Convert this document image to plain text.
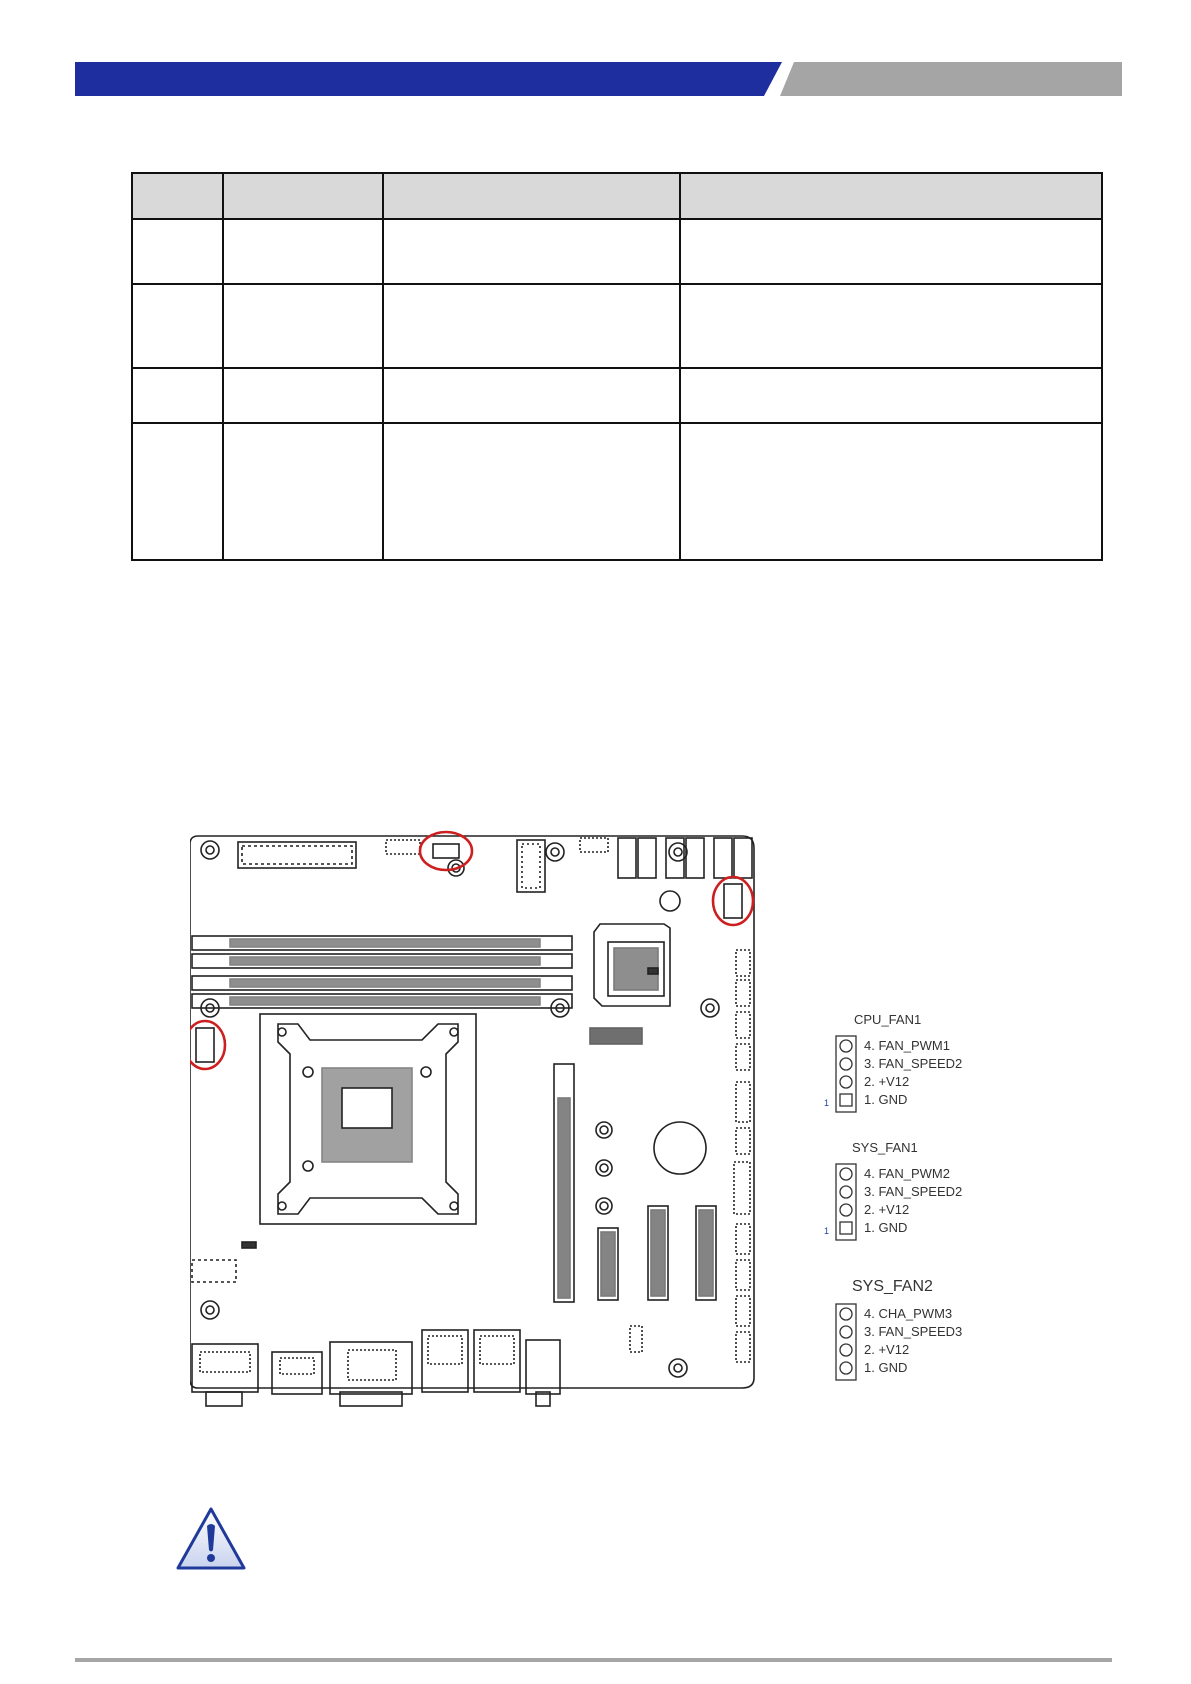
CPU_FAN1
1
4. FAN_PWM1
3. FAN_SPEED2
2. +V12
1. GND
SYS_FAN1
1
4. FAN_PWM2
3. FAN_SPEED2
2. +V12
1. GND
SYS_FAN2
4. CHA_PWM3
3. FAN_SPEED3
2. +V12
1. GND
